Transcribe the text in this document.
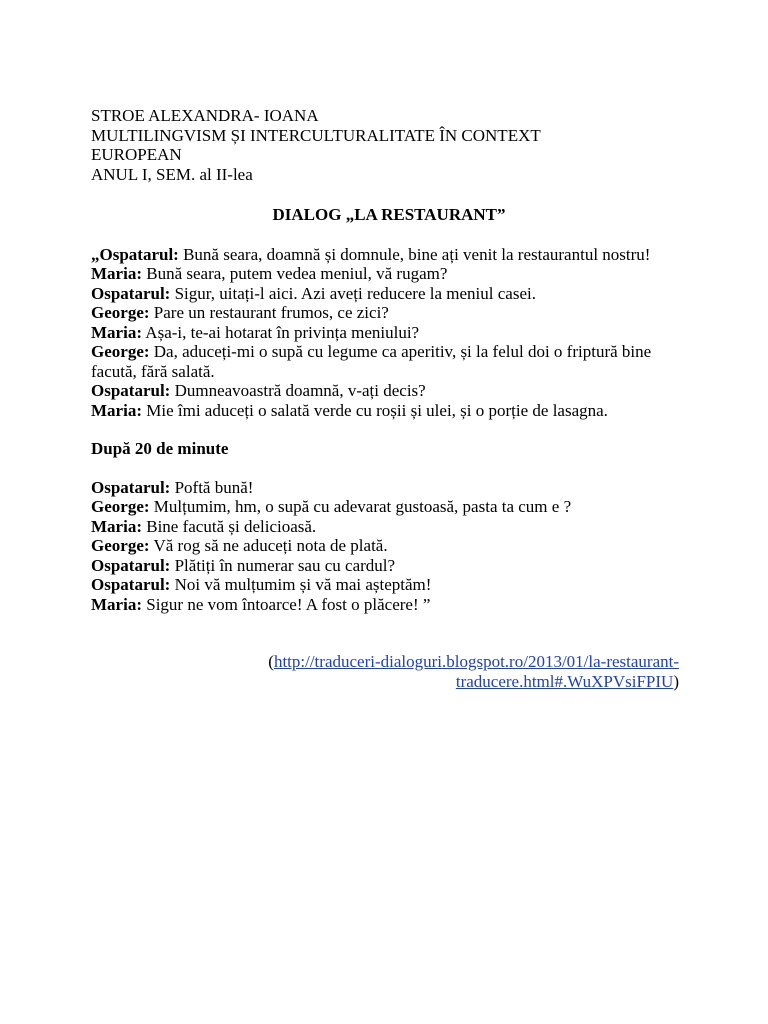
STROE ALEXANDRA- IOANA
MULTILINGVISM ȘI INTERCULTURALITATE ÎN CONTEXT
EUROPEAN
ANUL I, SEM. al II-lea
DIALOG „LA RESTAURANT”
„Ospatarul: Bună seara, doamnă și domnule, bine ați venit la restaurantul nostru!
Maria: Bună seara, putem vedea meniul, vă rugam?
Ospatarul: Sigur, uitați-l aici. Azi aveți reducere la meniul casei.
George: Pare un restaurant frumos, ce zici?
Maria: Așa-i, te-ai hotarat în privința meniului?
George: Da, aduceți-mi o supă cu legume ca aperitiv, și la felul doi o friptură bine facută, fără salată.
Ospatarul: Dumneavoastră doamnă, v-ați decis?
Maria: Mie îmi aduceți o salată verde cu roșii și ulei, și o porție de lasagna.
După 20 de minute
Ospatarul: Poftă bună!
George: Mulțumim, hm, o supă cu adevarat gustoasă, pasta ta cum e ?
Maria: Bine facută și delicioasă.
George: Vă rog să ne aduceți nota de plată.
Ospatarul: Plătiți în numerar sau cu cardul?
Ospatarul: Noi vă mulțumim și vă mai așteptăm!
Maria: Sigur ne vom întoarce! A fost o plăcere! ”
(http://traduceri-dialoguri.blogspot.ro/2013/01/la-restaurant-traducere.html#.WuXPVsiFPIU)
